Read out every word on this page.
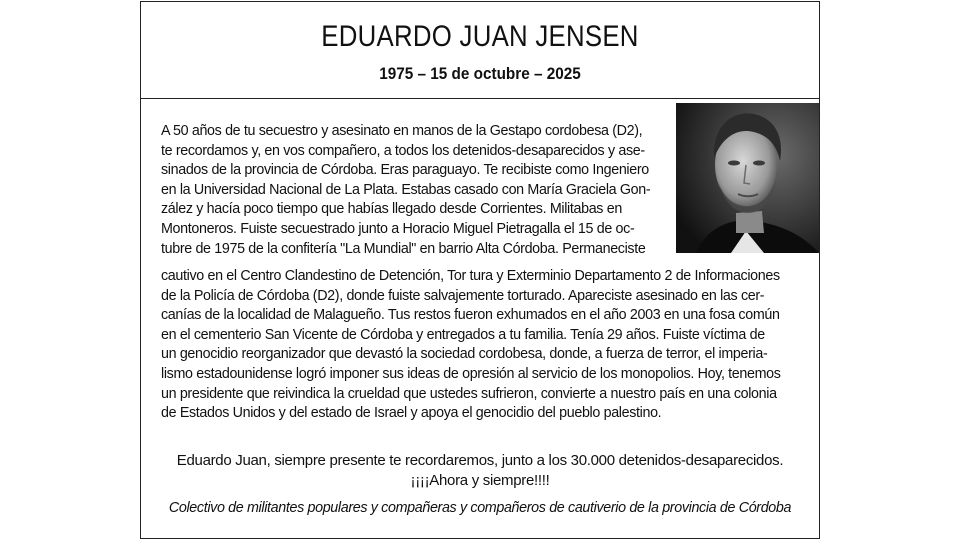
EDUARDO JUAN JENSEN
1975 – 15 de octubre – 2025
A 50 años de tu secuestro y asesinato en manos de la Gestapo cordobesa (D2),
te recordamos y, en vos compañero, a todos los detenidos-desaparecidos y ase-
sinados de la provincia de Córdoba. Eras paraguayo. Te recibiste como Ingeniero
en la Universidad Nacional de La Plata. Estabas casado con María Graciela Gon-
zález y hacía poco tiempo que habías llegado desde Corrientes. Militabas en
Montoneros. Fuiste secuestrado junto a Horacio Miguel Pietragalla el 15 de oc-
tubre de 1975 de la confitería "La Mundial" en barrio Alta Córdoba. Permaneciste
cautivo en el Centro Clandestino de Detención, Tor tura y Exterminio Departamento 2 de Informaciones
de la Policía de Córdoba (D2), donde fuiste salvajemente torturado. Apareciste asesinado en las cer-
canías de la localidad de Malagueño. Tus restos fueron exhumados en el año 2003 en una fosa común
en el cementerio San Vicente de Córdoba y entregados a tu familia. Tenía 29 años. Fuiste víctima de
un genocidio reorganizador que devastó la sociedad cordobesa, donde, a fuerza de terror, el imperia-
lismo estadounidense logró imponer sus ideas de opresión al servicio de los monopolios. Hoy, tenemos
un presidente que reivindica la crueldad que ustedes sufrieron, convierte a nuestro país en una colonia
de Estados Unidos y del estado de Israel y apoya el genocidio del pueblo palestino.
Eduardo Juan, siempre presente te recordaremos, junto a los 30.000 detenidos-desaparecidos.
¡¡¡¡Ahora y siempre!!!!
Colectivo de militantes populares y compañeras y compañeros de cautiverio de la provincia de Córdoba
